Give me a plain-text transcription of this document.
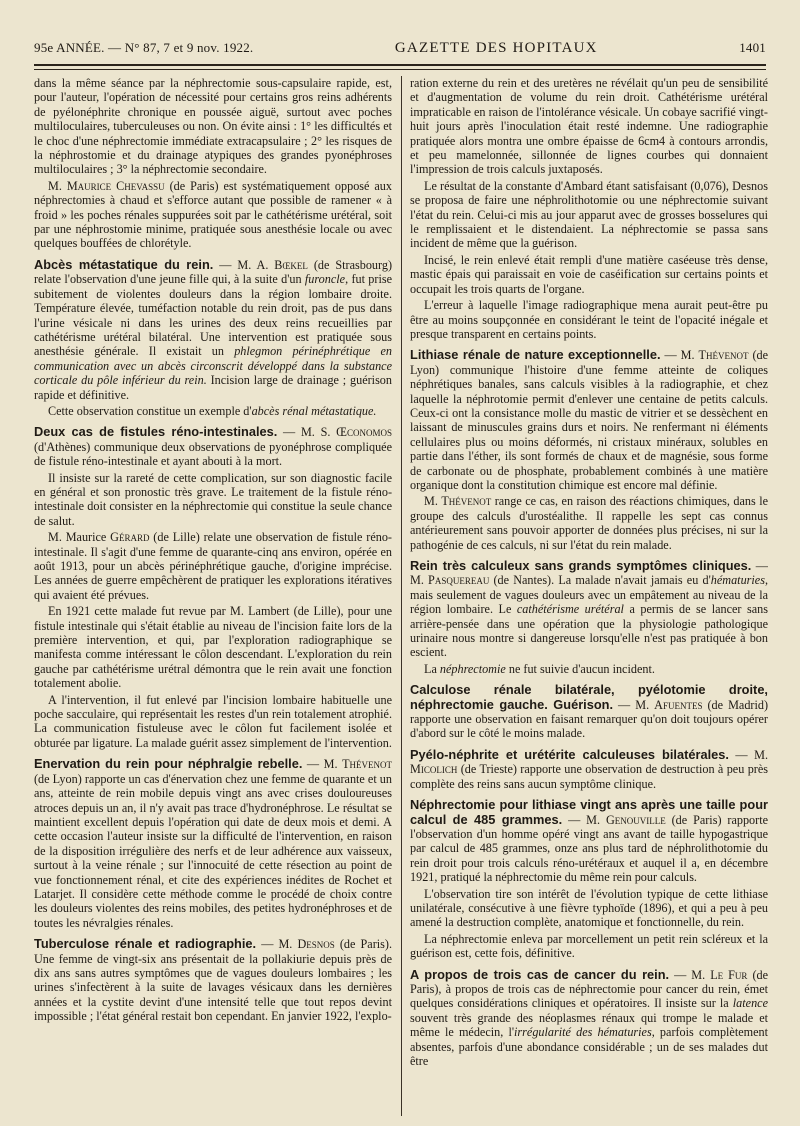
95e ANNÉE. — N° 87, 7 et 9 nov. 1922.	GAZETTE DES HOPITAUX	1401

dans la même séance par la néphrectomie sous-capsulaire rapide, est, pour l'auteur, l'opération de nécessité pour certains gros reins adhérents de pyélonéphrite chronique en poussée aiguë, surtout avec poches multiloculaires, tuberculeuses ou non. On évite ainsi : 1° les difficultés et le choc d'une néphrectomie immédiate extracapsulaire ; 2° les risques de la néphrostomie et du drainage atypiques des grandes pyonéphroses multiloculaires ; 3° la néphrectomie secondaire.

M. Maurice Chevassu (de Paris) est systématiquement opposé aux néphrectomies à chaud et s'efforce autant que possible de ramener « à froid » les poches rénales suppurées soit par le cathétérisme urétéral, soit par une néphrostomie minime, pratiquée sous anesthésie locale ou avec quelques bouffées de chlorétyle.

Abcès métastatique du rein. — M. A. Bœkel (de Strasbourg) relate l'observation d'une jeune fille qui, à la suite d'un furoncle, fut prise subitement de violentes douleurs dans la région lombaire droite. Température élevée, tuméfaction notable du rein droit, pas de pus dans l'urine vésicale ni dans les urines des deux reins recueillies par cathétérisme urétéral bilatéral. Une intervention est pratiquée sous anesthésie générale. Il existait un phlegmon périnéphrétique en communication avec un abcès circonscrit développé dans la substance corticale du pôle inférieur du rein. Incision large de drainage ; guérison rapide et définitive.

Cette observation constitue un exemple d'abcès rénal métastatique.

Deux cas de fistules réno-intestinales. — M. S. Œconomos (d'Athènes) communique deux observations de pyonéphrose compliquée de fistule réno-intestinale et ayant abouti à la mort.

Il insiste sur la rareté de cette complication, sur son diagnostic facile en général et son pronostic très grave. Le traitement de la fistule réno-intestinale doit consister en la néphrectomie qui constitue la seule chance de salut.

M. Maurice Gérard (de Lille) relate une observation de fistule réno-intestinale. Il s'agit d'une femme de quarante-cinq ans environ, opérée en août 1913, pour un abcès périnéphrétique gauche, d'origine imprécise. Les années de guerre empêchèrent de pratiquer les explorations itératives qui avaient été prévues.

En 1921 cette malade fut revue par M. Lambert (de Lille), pour une fistule intestinale qui s'était établie au niveau de l'incision faite lors de la première intervention, et qui, par l'exploration radiographique se manifesta comme intéressant le côlon descendant. L'exploration du rein gauche par cathétérisme urétral démontra que le rein avait une fonction totalement abolie.

A l'intervention, il fut enlevé par l'incision lombaire habituelle une poche sacculaire, qui représentait les restes d'un rein totalement atrophié. La communication fistuleuse avec le côlon fut facilement isolée et obturée par ligature. La malade guérit assez simplement de l'intervention.

Enervation du rein pour néphralgie rebelle. — M. Thévenot (de Lyon) rapporte un cas d'énervation chez une femme de quarante et un ans, atteinte de rein mobile depuis vingt ans avec crises douloureuses atroces depuis un an, il n'y avait pas trace d'hydronéphrose. Le résultat se maintient excellent depuis l'opération qui date de deux mois et demi. A cette occasion l'auteur insiste sur la difficulté de l'intervention, en raison de la disposition irrégulière des nerfs et de leur adhérence aux vaisseux, surtout à la veine rénale ; sur l'innocuité de cette résection au point de vue fonctionnement rénal, et cite des expériences inédites de Rochet et Latarjet. Il considère cette méthode comme le procédé de choix contre les douleurs violentes des reins mobiles, des petites hydronéphroses et de toutes les névralgies rénales.

Tuberculose rénale et radiographie. — M. Desnos (de Paris). Une femme de vingt-six ans présentait de la pollakiurie depuis près de dix ans sans autres symptômes que de vagues douleurs lombaires ; les urines s'infectèrent à la suite de lavages vésicaux dans les dernières années et la cystite devint d'une intensité telle que tout repos devint impossible ; l'état général restait bon cependant. En janvier 1922, l'explo-

ration externe du rein et des uretères ne révélait qu'un peu de sensibilité et d'augmentation de volume du rein droit. Cathétérisme urétéral impraticable en raison de l'intolérance vésicale. Un cobaye sacrifié vingt-huit jours après l'inoculation était resté indemne. Une radiographie pratiquée alors montra une ombre épaisse de 6cm4 à contours arrondis, et peu mamelonnée, sillonnée de lignes courbes qui donnaient l'impression de trois calculs juxtaposés.

Le résultat de la constante d'Ambard étant satisfaisant (0,076), Desnos se proposa de faire une néphrolithotomie ou une néphrectomie suivant l'état du rein. Celui-ci mis au jour apparut avec de grosses bosselures qui le remplissaient et le distendaient. La néphrectomie se passa sans incident de même que la guérison.

Incisé, le rein enlevé était rempli d'une matière caséeuse très dense, mastic épais qui paraissait en voie de caséification sur certains points et occupait les trois quarts de l'organe.

L'erreur à laquelle l'image radiographique mena aurait peut-être pu être au moins soupçonnée en considérant le teint de l'opacité inégale et presque transparent en certains points.

Lithiase rénale de nature exceptionnelle. — M. Thévenot (de Lyon) communique l'histoire d'une femme atteinte de coliques néphrétiques banales, sans calculs visibles à la radiographie, et chez laquelle la néphrotomie permit d'enlever une centaine de petits calculs. Ceux-ci ont la consistance molle du mastic de vitrier et se dessèchent en laissant de minuscules grains durs et noirs. Ne renfermant ni éléments cellulaires plus ou moins déformés, ni cristaux minéraux, solubles en partie dans l'éther, ils sont formés de chaux et de magnésie, sous forme de carbonate ou de phosphate, probablement combinés à une matière organique dont la constitution chimique est encore mal définie.

M. Thévenot range ce cas, en raison des réactions chimiques, dans le groupe des calculs d'urostéalithe. Il rappelle les sept cas connus antérieurement sans pouvoir apporter de données plus précises, ni sur la pathogénie de ces calculs, ni sur l'état du rein malade.

Rein très calculeux sans grands symptômes cliniques. — M. Pasquereau (de Nantes). La malade n'avait jamais eu d'hématuries, mais seulement de vagues douleurs avec un empâtement au niveau de la région lombaire. Le cathétérisme urétéral a permis de se lancer sans arrière-pensée dans une opération que la physiologie pathologique urinaire nous montre si dangereuse lorsqu'elle n'est pas pratiquée à bon escient.

La néphrectomie ne fut suivie d'aucun incident.

Calculose rénale bilatérale, pyélotomie droite, néphrectomie gauche. Guérison. — M. Afuentes (de Madrid) rapporte une observation en faisant remarquer qu'on doit toujours opérer d'abord sur le côté le moins malade.

Pyélo-néphrite et urétérite calculeuses bilatérales. — M. Micolich (de Trieste) rapporte une observation de destruction à peu près complète des reins sans aucun symptôme clinique.

Néphrectomie pour lithiase vingt ans après une taille pour calcul de 485 grammes. — M. Genouville (de Paris) rapporte l'observation d'un homme opéré vingt ans avant de taille hypogastrique par calcul de 485 grammes, onze ans plus tard de néphrolithotomie du rein droit pour trois calculs réno-urétéraux et auquel il a, en décembre 1921, pratiqué la néphrectomie du même rein pour calculs.

L'observation tire son intérêt de l'évolution typique de cette lithiase unilatérale, consécutive à une fièvre typhoïde (1896), et qui a peu à peu amené la destruction complète, anatomique et fonctionnelle, du rein.

La néphrectomie enleva par morcellement un petit rein scléreux et la guérison est, cette fois, définitive.

A propos de trois cas de cancer du rein. — M. Le Fur (de Paris), à propos de trois cas de néphrectomie pour cancer du rein, émet quelques considérations cliniques et opératoires. Il insiste sur la latence souvent très grande des néoplasmes rénaux qui trompe le malade et même le médecin, l'irrégularité des hématuries, parfois complètement absentes, parfois d'une abondance considérable ; un de ses malades dut être
